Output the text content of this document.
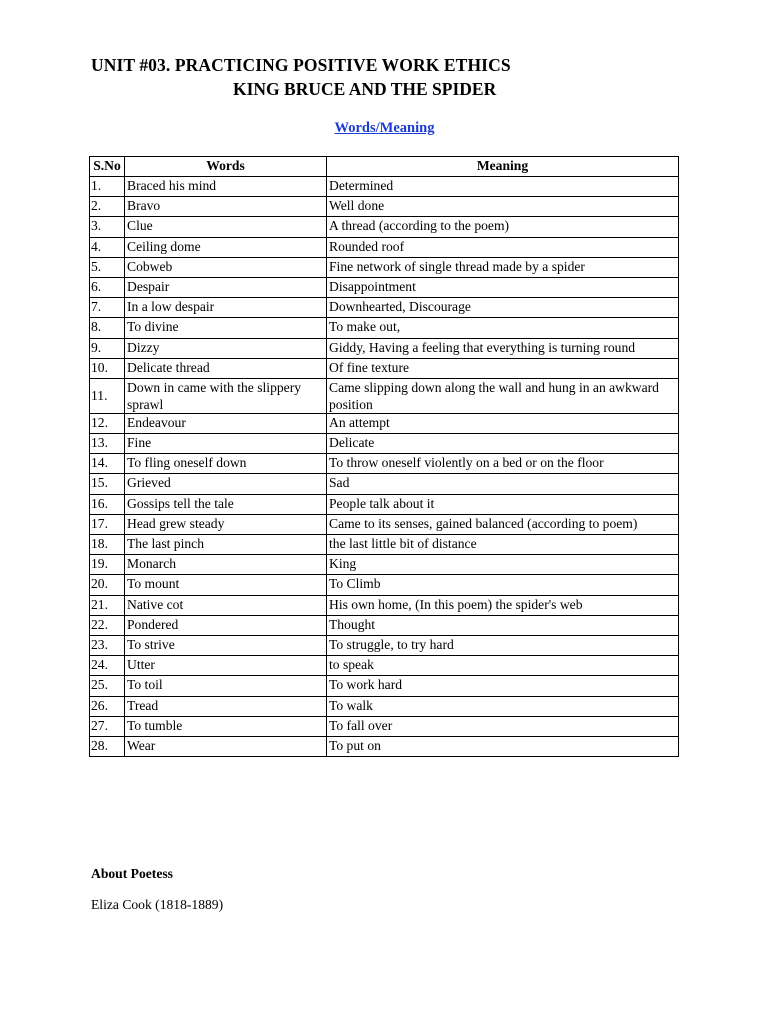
UNIT #03. PRACTICING POSITIVE WORK ETHICS
KING BRUCE AND THE SPIDER
Words/Meaning
S.No	Words	Meaning
1.	Braced his mind	Determined
2.	Bravo	Well done
3.	Clue	A thread (according to the poem)
4.	Ceiling dome	Rounded roof
5.	Cobweb	Fine network of single thread made by a spider
6.	Despair	Disappointment
7.	In a low despair	Downhearted, Discourage
8.	To divine	To make out,
9.	Dizzy	Giddy, Having a feeling that everything is turning round
10.	Delicate thread	Of fine texture
11.	Down in came with the slippery sprawl	Came slipping down along the wall and hung in an awkward position
12.	Endeavour	An attempt
13.	Fine	Delicate
14.	To fling oneself down	To throw oneself violently on a bed or on the floor
15.	Grieved	Sad
16.	Gossips tell the tale	People talk about it
17.	Head grew steady	Came to its senses, gained balanced (according to poem)
18.	The last pinch	the last little bit of distance
19.	Monarch	King
20.	To mount	To Climb
21.	Native cot	His own home, (In this poem) the spider's web
22.	Pondered	Thought
23.	To strive	To struggle, to try hard
24.	Utter	to speak
25.	To toil	To work hard
26.	Tread	To walk
27.	To tumble	To fall over
28.	Wear	To put on
About Poetess
Eliza Cook (1818-1889)
